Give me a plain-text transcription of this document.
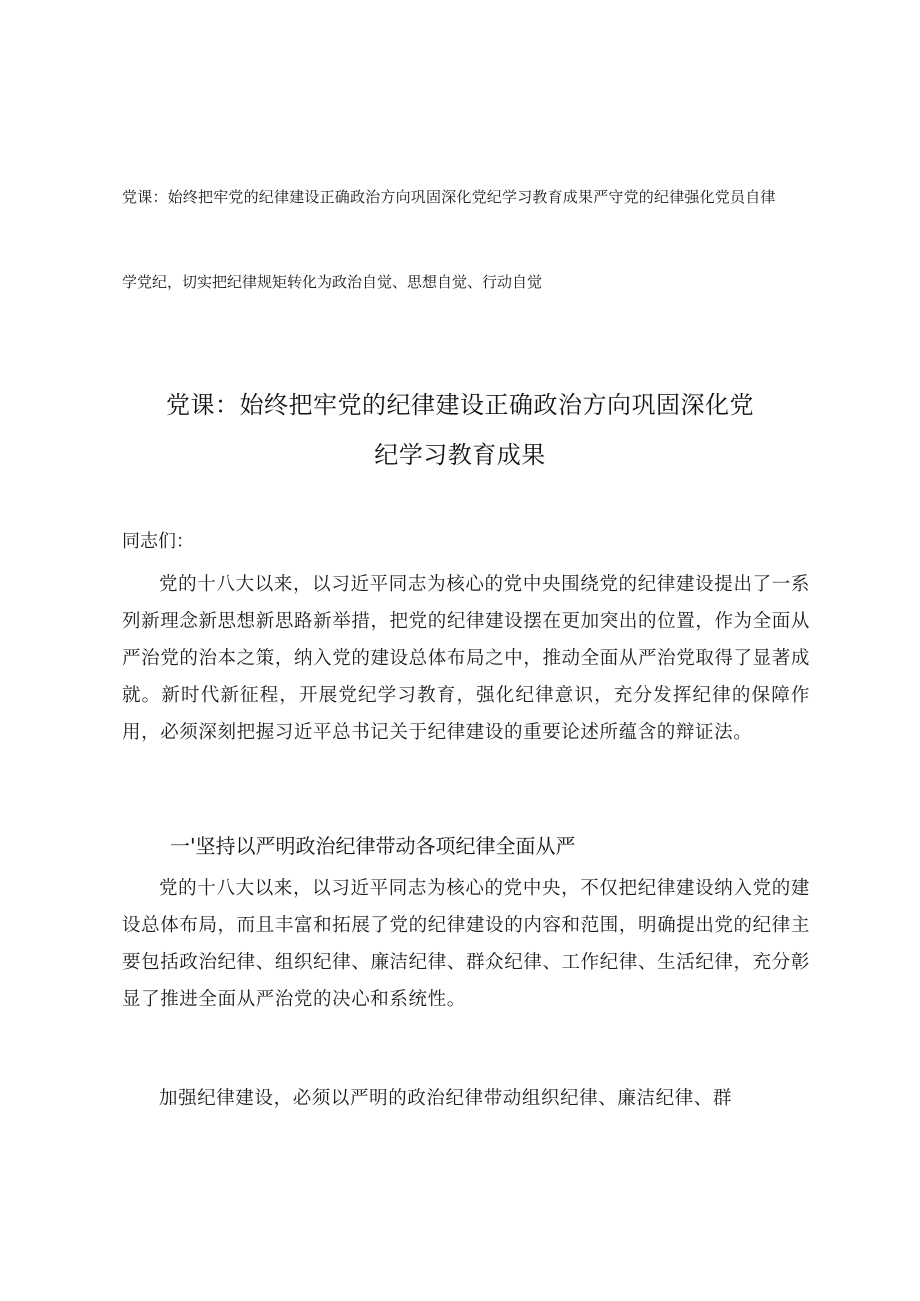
党课：始终把牢党的纪律建设正确政治方向巩固深化党纪学习教育成果严守党的纪律强化党员自律
学党纪，切实把纪律规矩转化为政治自觉、思想自觉、行动自觉
党课：始终把牢党的纪律建设正确政治方向巩固深化党
纪学习教育成果
同志们：

党的十八大以来，以习近平同志为核心的党中央围绕党的纪律建设提出了一系列新理念新思想新思路新举措，把党的纪律建设摆在更加突出的位置，作为全面从严治党的治本之策，纳入党的建设总体布局之中，推动全面从严治党取得了显著成就。新时代新征程，开展党纪学习教育，强化纪律意识，充分发挥纪律的保障作用，必须深刻把握习近平总书记关于纪律建设的重要论述所蕴含的辩证法。

一'坚持以严明政治纪律带动各项纪律全面从严

党的十八大以来，以习近平同志为核心的党中央，不仅把纪律建设纳入党的建设总体布局，而且丰富和拓展了党的纪律建设的内容和范围，明确提出党的纪律主要包括政治纪律、组织纪律、廉洁纪律、群众纪律、工作纪律、生活纪律，充分彰显了推进全面从严治党的决心和系统性。

加强纪律建设，必须以严明的政治纪律带动组织纪律、廉洁纪律、群
